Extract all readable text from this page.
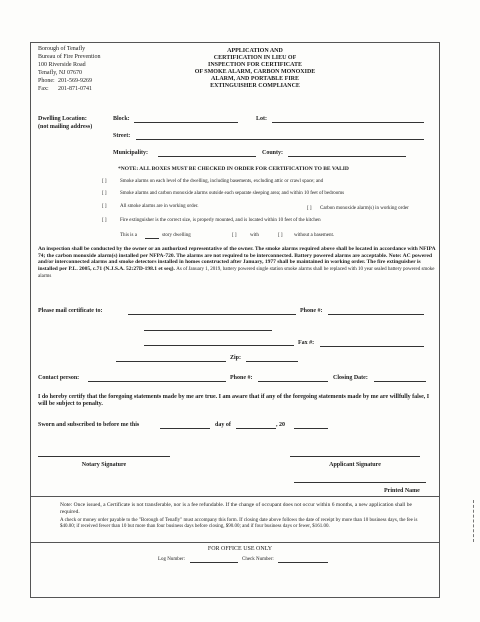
Borough of Tenafly
Bureau of Fire Prevention
100 Riverside Road
Tenafly, NJ 07670
Phone: 201-569-9269
Fax: 201-871-0741
APPLICATION AND
CERTIFICATION IN LIEU OF
INSPECTION FOR CERTIFICATE
OF SMOKE ALARM, CARBON MONOXIDE
ALARM, AND PORTABLE FIRE
EXTINGUISHER COMPLIANCE
Dwelling Location:
(not mailing address)
Block:	Lot:
Street:
Municipality:	County:
*NOTE: ALL BOXES MUST BE CHECKED IN ORDER FOR CERTIFICATION TO BE VALID
[ ]	Smoke alarms on each level of the dwelling, including basements, excluding attic or crawl space; and
[ ]	Smoke alarms and carbon monoxide alarms outside each separate sleeping area; and within 10 feet of bedrooms
[ ]	All smoke alarms are in working order.	[ ] Carbon monoxide alarm(s) in working order
[ ]	Fire extinguisher is the correct size, is properly mounted, and is located within 10 feet of the kitchen
This is a	story dwelling	[ ]	with	[ ] without a basement.
An inspection shall be conducted by the owner or an authorized representative of the owner. The smoke alarms required above shall be located in accordance with NFIPA 74; the carbon monoxide alarm(s) installed per NFPA-720. The alarms are not required to be interconnected. Battery powered alarms are acceptable. Note: AC powered and/or interconnected alarms and smoke detectors installed in homes constructed after January, 1977 shall be maintained in working order. The fire extinguisher is installed per P.L. 2005, c.71 (N.J.S.A. 52:27D-198.1 et seq). As of January 1, 2019, battery powered single station smoke alarms shall be replaced with 10 year sealed battery powered smoke alarms
Please mail certificate to:	Phone #:
Fax #:
Zip:
Contact person:	Phone #:	Closing Date:
I do hereby certify that the foregoing statements made by me are true. I am aware that if any of the foregoing statements made by me are willfully false, I will be subject to penalty.
Sworn and subscribed to before me this	day of	, 20
Notary Signature	Applicant Signature
Printed Name
Note: Once issued, a Certificate is not transferable, nor is a fee refundable. If the change of occupant does not occur within 6 months, a new application shall be required.
A check or money order payable to the "Borough of Tenafly" must accompany this form. If closing date above follows the date of receipt by more than 10 business days, the fee is $40.00; if received fewer than 10 but more than four business days before closing, $90.00; and if four business days or fewer, $161.00.
FOR OFFICE USE ONLY
Log Number:	Check Number:
